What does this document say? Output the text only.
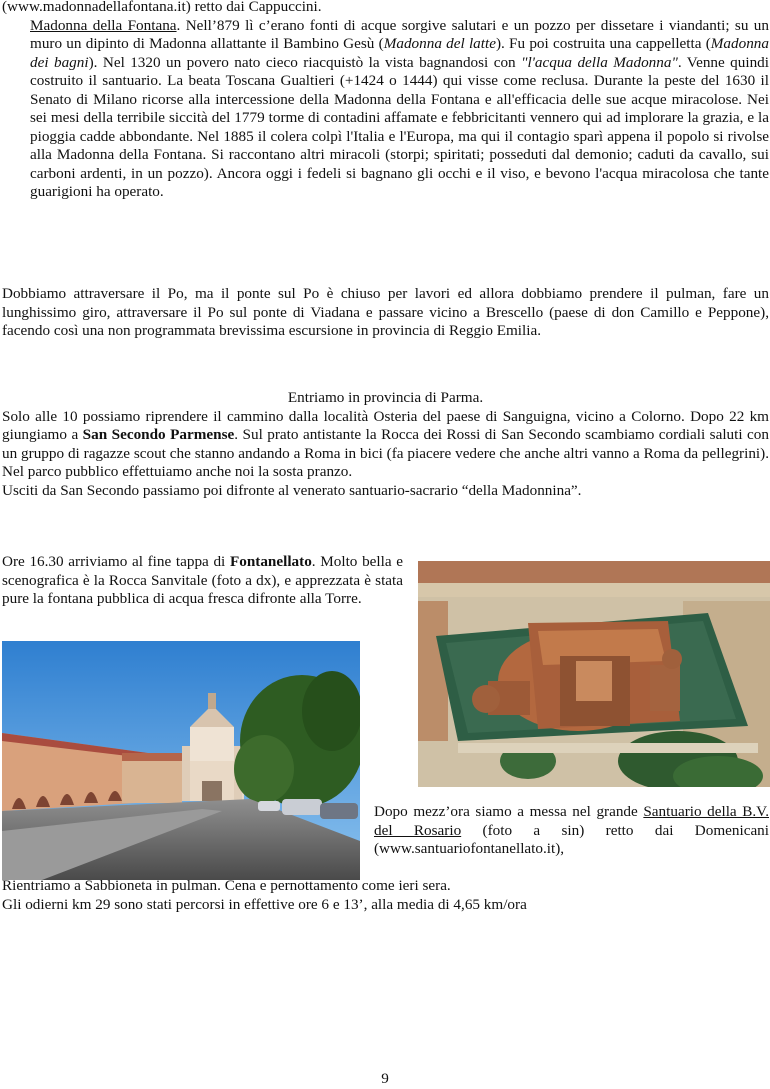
(www.madonnadellafontana.it) retto dai Cappuccini.
Madonna della Fontana. Nell’879 lì c’erano fonti di acque sorgive salutari e un pozzo per dissetare i viandanti; su un muro un dipinto di Madonna allattante il Bambino Gesù (Madonna del latte). Fu poi costruita una cappelletta (Madonna dei bagni). Nel 1320 un povero nato cieco riacquistò la vista bagnandosi con "l'acqua della Madonna". Venne quindi costruito il santuario. La beata Toscana Gualtieri (+1424 o 1444) qui visse come reclusa. Durante la peste del 1630 il Senato di Milano ricorse alla intercessione della Madonna della Fontana e all'efficacia delle sue acque miracolose. Nei sei mesi della terribile siccità del 1779 torme di contadini affamate e febbricitanti vennero qui ad implorare la grazia, e la pioggia cadde abbondante. Nel 1885 il colera colpì l'Italia e l'Europa, ma qui il contagio sparì appena il popolo si rivolse alla Madonna della Fontana. Si raccontano altri miracoli (storpi; spiritati; posseduti dal demonio; caduti da cavallo, sui carboni ardenti, in un pozzo). Ancora oggi i fedeli si bagnano gli occhi e il viso, e bevono l'acqua miracolosa che tante guarigioni ha operato.

Dobbiamo attraversare il Po, ma il ponte sul Po è chiuso per lavori ed allora dobbiamo prendere il pulman, fare un lunghissimo giro, attraversare il Po sul ponte di Viadana e passare vicino a Brescello (paese di don Camillo e Peppone), facendo così una non programmata brevissima escursione in provincia di Reggio Emilia.

Entriamo in provincia di Parma.
Solo alle 10 possiamo riprendere il cammino dalla località Osteria del paese di Sanguigna, vicino a Colorno. Dopo 22 km giungiamo a San Secondo Parmense. Sul prato antistante la Rocca dei Rossi di San Secondo scambiamo cordiali saluti con un gruppo di ragazze scout che stanno andando a Roma in bici (fa piacere vedere che anche altri vanno a Roma da pellegrini). Nel parco pubblico effettuiamo anche noi la sosta pranzo.
Usciti da San Secondo passiamo poi difronte al venerato santuario-sacrario “della Madonnina”.

Ore 16.30 arriviamo al fine tappa di Fontanellato. Molto bella e scenografica è la Rocca Sanvitale (foto a dx), e apprezzata è stata pure la fontana pubblica di acqua fresca difronte alla Torre.

Dopo mezz’ora siamo a messa nel grande Santuario della B.V. del Rosario (foto a sin) retto dai Domenicani (www.santuariofontanellato.it),

Rientriamo a Sabbioneta in pulman. Cena e pernottamento come ieri sera.
Gli odierni km 29 sono stati percorsi in effettive ore 6 e 13’, alla media di 4,65 km/ora
9
